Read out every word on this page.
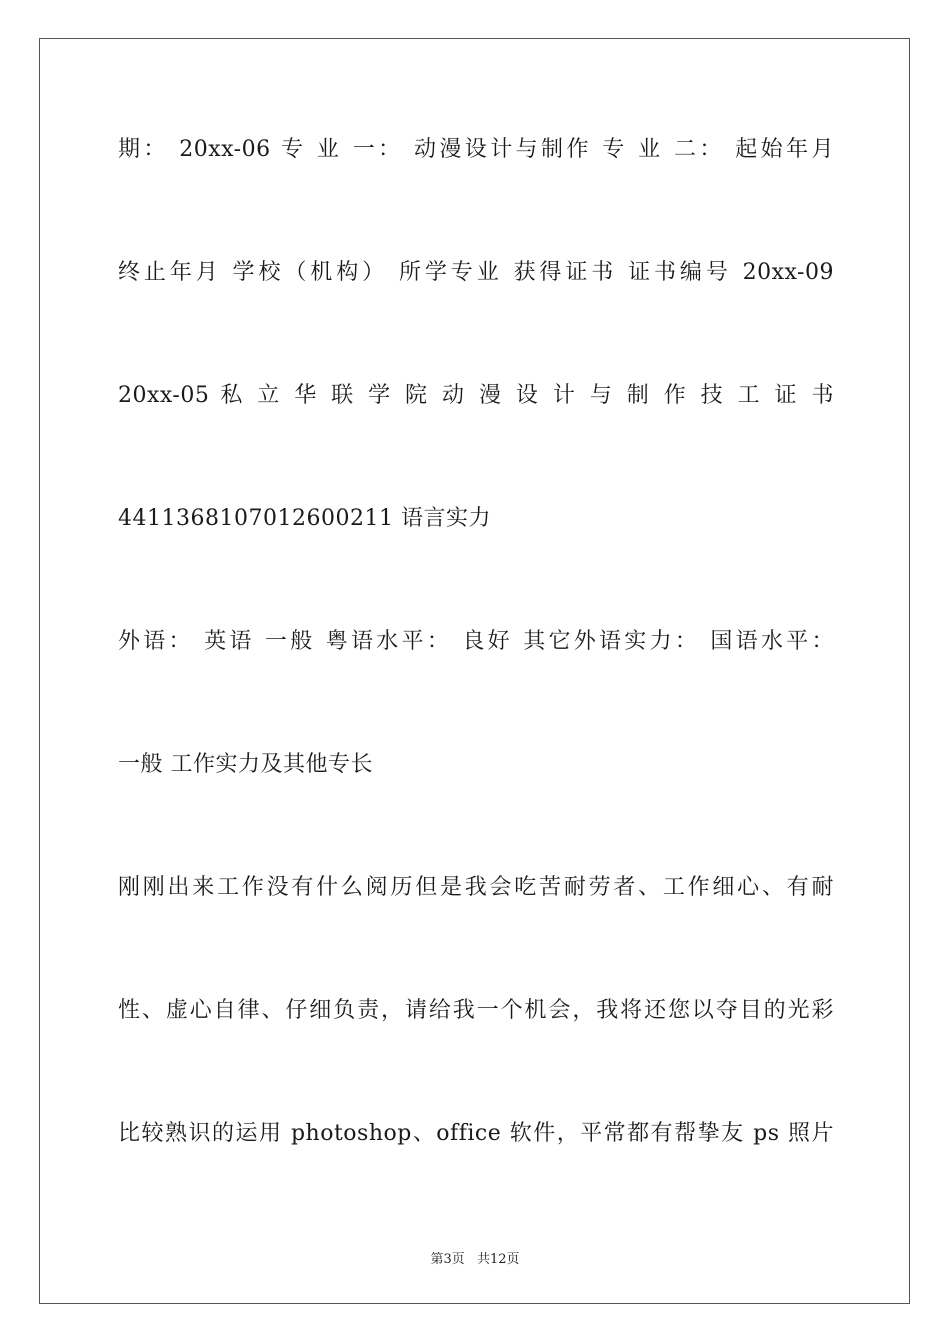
期： 20xx-06 专 业 一： 动漫设计与制作 专 业 二： 起始年月
终止年月 学校（机构） 所学专业 获得证书 证书编号 20xx-09
20xx-05 私 立 华 联 学 院 动 漫 设 计 与 制 作 技 工 证 书
441136810701260021​1 语言实力
外语： 英语 一般 粤语水平： 良好 其它外语实力： 国语水平：
一般 工作实力及其他专长
刚刚出来工作没有什么阅历但是我会吃苦耐劳者、工作细心、有耐
性、虚心自律、仔细负责，请给我一个机会，我将还您以夺目的光彩
比较熟识的运用 photoshop、office 软件，平常都有帮挚友 ps 照片
第3页 共12页
